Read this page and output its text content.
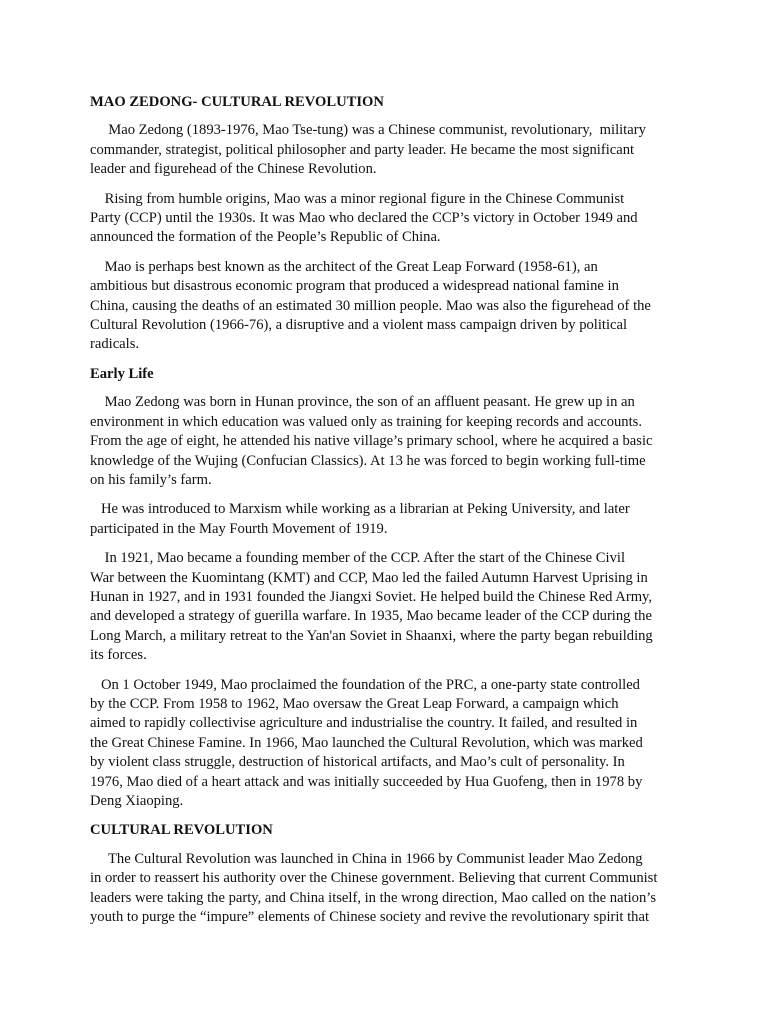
MAO ZEDONG- CULTURAL REVOLUTION
Mao Zedong (1893-1976, Mao Tse-tung) was a Chinese communist, revolutionary,  military
commander, strategist, political philosopher and party leader. He became the most significant
leader and figurehead of the Chinese Revolution.
Rising from humble origins, Mao was a minor regional figure in the Chinese Communist
Party (CCP) until the 1930s. It was Mao who declared the CCP’s victory in October 1949 and
announced the formation of the People’s Republic of China.
Mao is perhaps best known as the architect of the Great Leap Forward (1958-61), an
ambitious but disastrous economic program that produced a widespread national famine in
China, causing the deaths of an estimated 30 million people. Mao was also the figurehead of the
Cultural Revolution (1966-76), a disruptive and a violent mass campaign driven by political
radicals.
Early Life
Mao Zedong was born in Hunan province, the son of an affluent peasant. He grew up in an
environment in which education was valued only as training for keeping records and accounts.
From the age of eight, he attended his native village’s primary school, where he acquired a basic
knowledge of the Wujing (Confucian Classics). At 13 he was forced to begin working full-time
on his family’s farm.
He was introduced to Marxism while working as a librarian at Peking University, and later
participated in the May Fourth Movement of 1919.
In 1921, Mao became a founding member of the CCP. After the start of the Chinese Civil
War between the Kuomintang (KMT) and CCP, Mao led the failed Autumn Harvest Uprising in
Hunan in 1927, and in 1931 founded the Jiangxi Soviet. He helped build the Chinese Red Army,
and developed a strategy of guerilla warfare. In 1935, Mao became leader of the CCP during the
Long March, a military retreat to the Yan'an Soviet in Shaanxi, where the party began rebuilding
its forces.
On 1 October 1949, Mao proclaimed the foundation of the PRC, a one-party state controlled
by the CCP. From 1958 to 1962, Mao oversaw the Great Leap Forward, a campaign which
aimed to rapidly collectivise agriculture and industrialise the country. It failed, and resulted in
the Great Chinese Famine. In 1966, Mao launched the Cultural Revolution, which was marked
by violent class struggle, destruction of historical artifacts, and Mao’s cult of personality. In
1976, Mao died of a heart attack and was initially succeeded by Hua Guofeng, then in 1978 by
Deng Xiaoping.
CULTURAL REVOLUTION
The Cultural Revolution was launched in China in 1966 by Communist leader Mao Zedong
in order to reassert his authority over the Chinese government. Believing that current Communist
leaders were taking the party, and China itself, in the wrong direction, Mao called on the nation’s
youth to purge the “impure” elements of Chinese society and revive the revolutionary spirit that
